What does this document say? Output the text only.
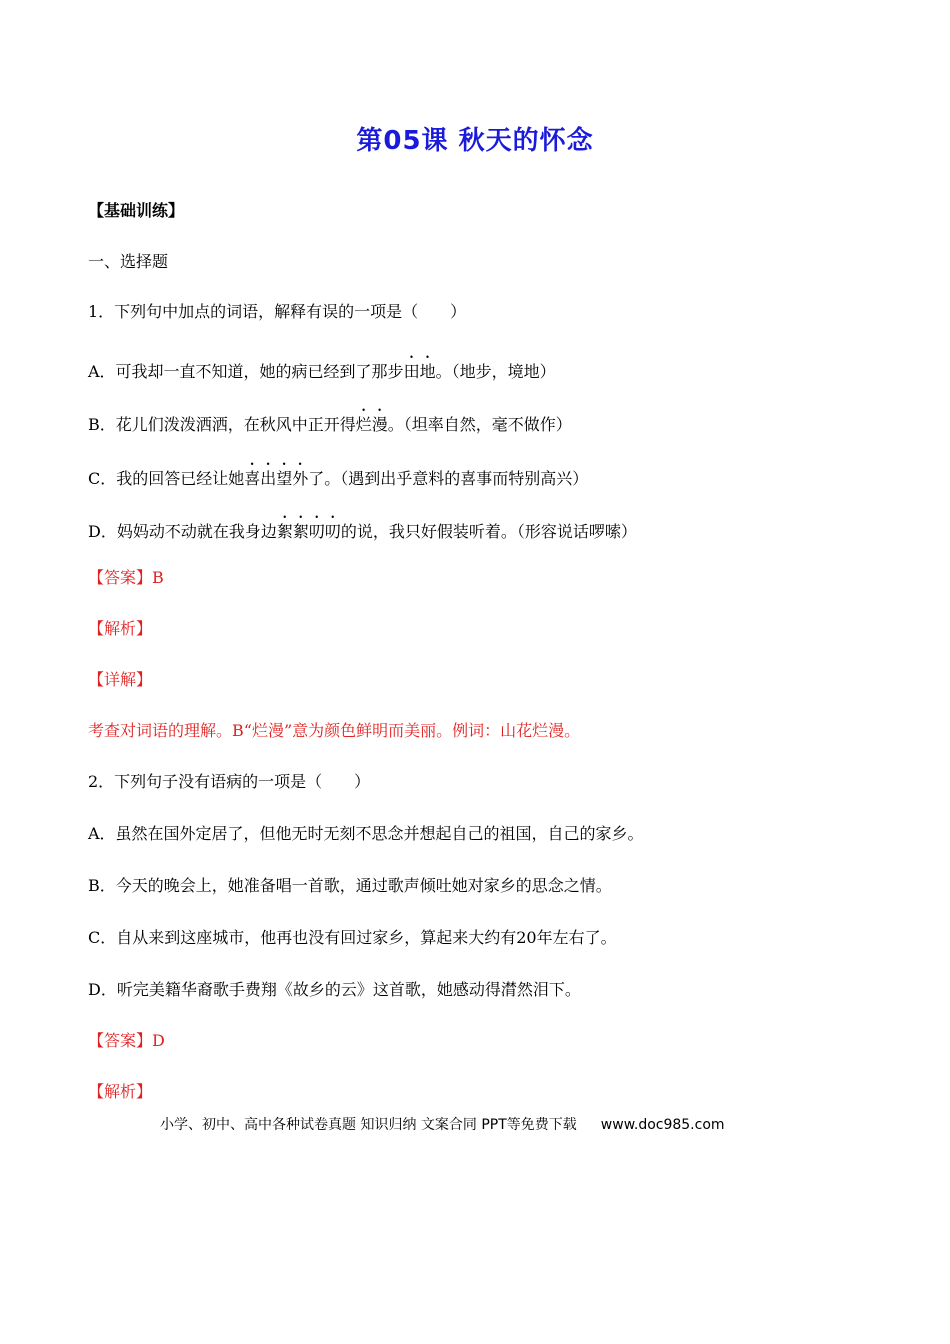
第05课 秋天的怀念
【基础训练】
一、选择题
1．下列句中加点的词语，解释有误的一项是（　　）
A．可我却一直不知道，她的病已经到了那步田地。（地步，境地）
B．花儿们泼泼洒洒，在秋风中正开得烂漫。（坦率自然，毫不做作）
C．我的回答已经让她喜出望外了。（遇到出乎意料的喜事而特别高兴）
D．妈妈动不动就在我身边絮絮叨叨的说，我只好假装听着。（形容说话啰嗦）
【答案】B
【解析】
【详解】
考查对词语的理解。B“烂漫”意为颜色鲜明而美丽。例词：山花烂漫。
2．下列句子没有语病的一项是（　　）
A．虽然在国外定居了，但他无时无刻不思念并想起自己的祖国，自己的家乡。
B．今天的晚会上，她准备唱一首歌，通过歌声倾吐她对家乡的思念之情。
C．自从来到这座城市，他再也没有回过家乡，算起来大约有20年左右了。
D．听完美籍华裔歌手费翔《故乡的云》这首歌，她感动得潸然泪下。
【答案】D
【解析】
小学、初中、高中各种试卷真题 知识归纳 文案合同 PPT等免费下载 www.doc985.com
